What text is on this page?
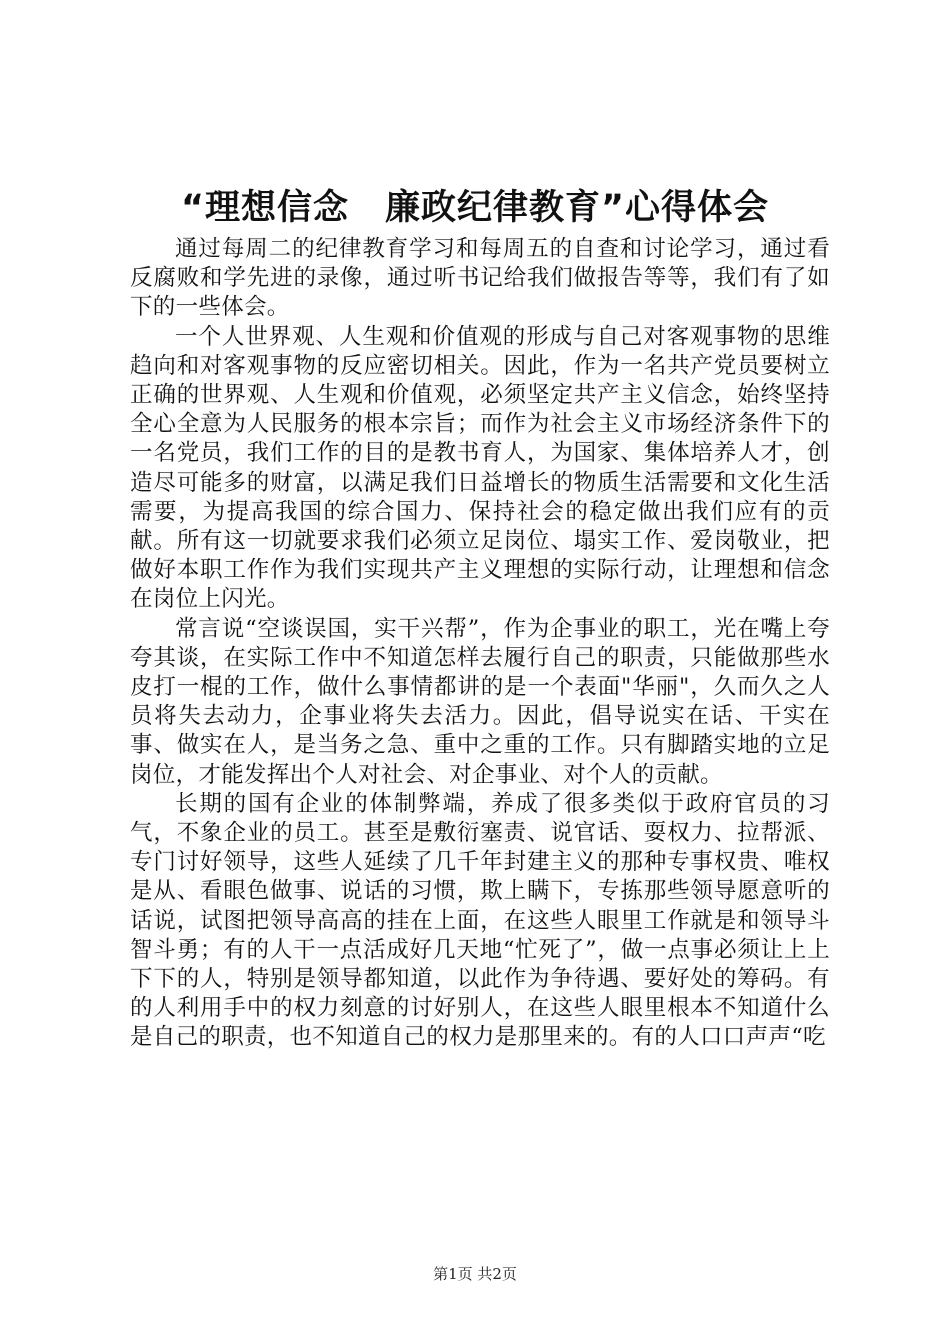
“理想信念　廉政纪律教育”心得体会

通过每周二的纪律教育学习和每周五的自查和讨论学习，通过看反腐败和学先进的录像，通过听书记给我们做报告等等，我们有了如下的一些体会。

一个人世界观、人生观和价值观的形成与自己对客观事物的思维趋向和对客观事物的反应密切相关。因此，作为一名共产党员要树立正确的世界观、人生观和价值观，必须坚定共产主义信念，始终坚持全心全意为人民服务的根本宗旨；而作为社会主义市场经济条件下的一名党员，我们工作的目的是教书育人，为国家、集体培养人才，创造尽可能多的财富，以满足我们日益增长的物质生活需要和文化生活需要，为提高我国的综合国力、保持社会的稳定做出我们应有的贡献。所有这一切就要求我们必须立足岗位、塌实工作、爱岗敬业，把做好本职工作作为我们实现共产主义理想的实际行动，让理想和信念在岗位上闪光。

常言说“空谈误国，实干兴帮”，作为企事业的职工，光在嘴上夸夸其谈，在实际工作中不知道怎样去履行自己的职责，只能做那些水皮打一棍的工作，做什么事情都讲的是一个表面"华丽"，久而久之人员将失去动力，企事业将失去活力。因此，倡导说实在话、干实在事、做实在人，是当务之急、重中之重的工作。只有脚踏实地的立足岗位，才能发挥出个人对社会、对企事业、对个人的贡献。

长期的国有企业的体制弊端，养成了很多类似于政府官员的习气，不象企业的员工。甚至是敷衍塞责、说官话、耍权力、拉帮派、专门讨好领导，这些人延续了几千年封建主义的那种专事权贵、唯权是从、看眼色做事、说话的习惯，欺上瞒下，专拣那些领导愿意听的话说，试图把领导高高的挂在上面，在这些人眼里工作就是和领导斗智斗勇；有的人干一点活成好几天地“忙死了”，做一点事必须让上上下下的人，特别是领导都知道，以此作为争待遇、要好处的筹码。有的人利用手中的权力刻意的讨好别人，在这些人眼里根本不知道什么是自己的职责，也不知道自己的权力是那里来的。有的人口口声声“吃

第1页 共2页
